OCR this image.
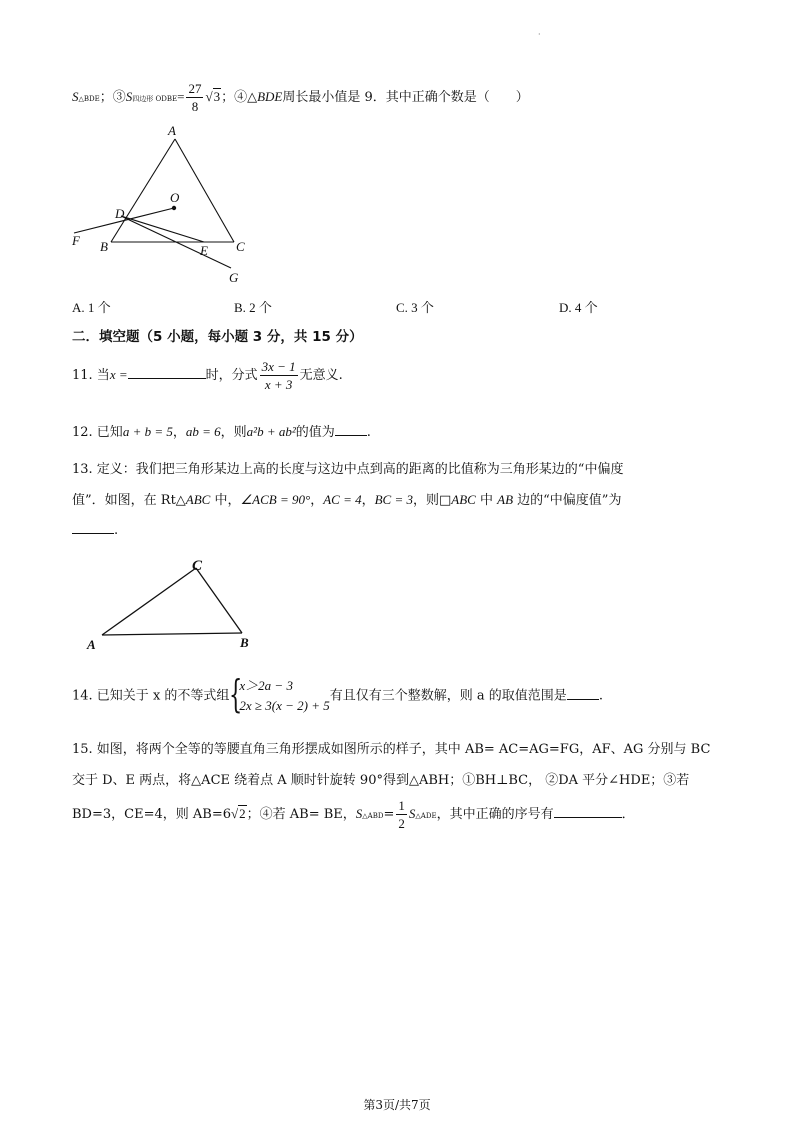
·
S△BDE；③S四边形 ODBE= $\frac{27}{8} √3$；④△BDE周长最小值是 9．其中正确个数是（　　）
A
O
D
F B	E C
G
A. 1 个	B. 2 个	C. 3 个	D. 4 个
二．填空题（5 小题，每小题 3 分，共 15 分）
11. 当x =	时，分式 $\frac{3x - 1}{x + 3}$ 无意义.
12. 已知a + b = 5，ab = 6，则a²b + ab²的值为 .
13. 定义：我们把三角形某边上高的长度与这边中点到高的距离的比值称为三角形某边的“中偏度
值”．如图，在 Rt△ABC 中，∠ACB = 90°，AC = 4，BC = 3，则□ABC 中 AB 边的“中偏度值”为
.
C
A	B
14. 已知关于 x 的不等式组 {
x＞2a − 3
2x ≥ 3(x − 2) + 5
有且仅有三个整数解，则 a 的取值范围是 .
15. 如图，将两个全等的等腰直角三角形摆成如图所示的样子，其中 AB= AC=AG=FG，AF、AG 分别与 BC
交于 D、E 两点，将△ACE 绕着点 A 顺时针旋转 90°得到△ABH；①BH⊥BC， ②DA 平分∠HDE；③若
BD=3，CE=4，则 AB=6√2；④若 AB= BE，S△ABD= $\frac{1}{2}$ S△ADE，其中正确的序号有	．
第3页/共7页
